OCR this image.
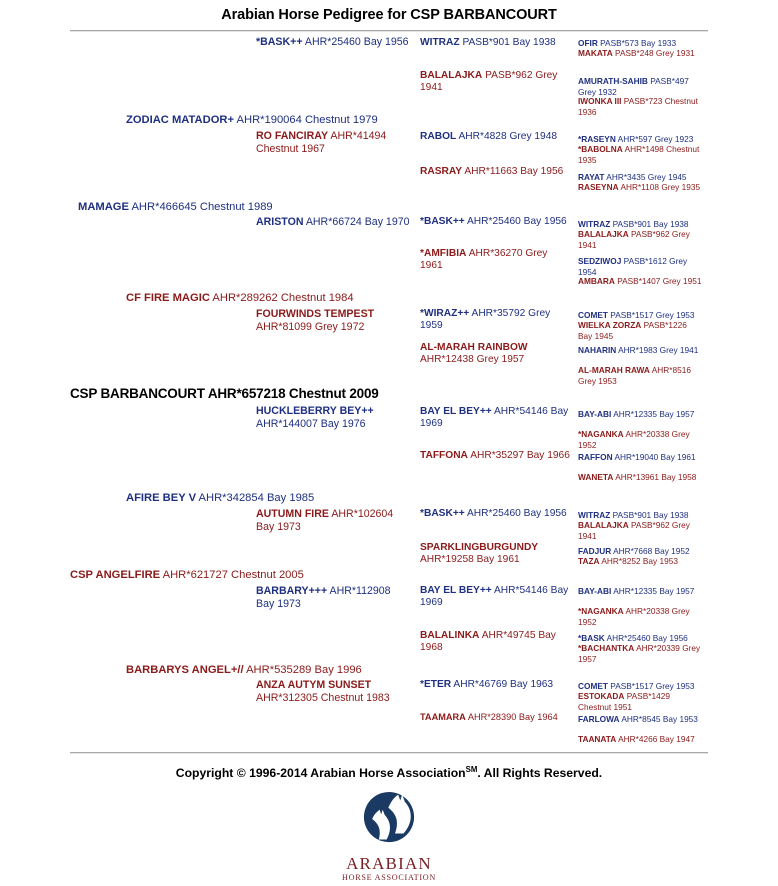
Arabian Horse Pedigree for CSP BARBANCOURT
OFIR PASB*573 Bay 1933
MAKATA PASB*248 Grey 1931
AMURATH-SAHIB PASB*497 Grey 1932
IWONKA III PASB*723 Chestnut 1936
*RASEYN AHR*597 Grey 1923
*BABOLNA AHR*1498 Chestnut 1935
RAYAT AHR*3435 Grey 1945
RASEYNA AHR*1108 Grey 1935
WITRAZ PASB*901 Bay 1938
BALALAJKA PASB*962 Grey 1941
SEDZIWOJ PASB*1612 Grey 1954
AMBARA PASB*1407 Grey 1951
COMET PASB*1517 Grey 1953
WIELKA ZORZA PASB*1226 Bay 1945
NAHARIN AHR*1983 Grey 1941
AL-MARAH RAWA AHR*8516 Grey 1953
BAY-ABI AHR*12335 Bay 1957
*NAGANKA AHR*20338 Grey 1952
RAFFON AHR*19040 Bay 1961
WANETA AHR*13961 Bay 1958
WITRAZ PASB*901 Bay 1938
BALALAJKA PASB*962 Grey 1941
FADJUR AHR*7668 Bay 1952
TAZA AHR*8252 Bay 1953
BAY-ABI AHR*12335 Bay 1957
*NAGANKA AHR*20338 Grey 1952
*BASK AHR*25460 Bay 1956
*BACHANTKA AHR*20339 Grey 1957
COMET PASB*1517 Grey 1953
ESTOKADA PASB*1429 Chestnut 1951
FARLOWA AHR*8545 Bay 1953
TAANATA AHR*4266 Bay 1947
WITRAZ PASB*901 Bay 1938
BALALAJKA PASB*962 Grey 1941
RABOL AHR*4828 Grey 1948
RASRAY AHR*11663 Bay 1956
*BASK++ AHR*25460 Bay 1956
*AMFIBIA AHR*36270 Grey 1961
*WIRAZ++ AHR*35792 Grey 1959
AL-MARAH RAINBOW AHR*12438 Grey 1957
BAY EL BEY++ AHR*54146 Bay 1969
TAFFONA AHR*35297 Bay 1966
*BASK++ AHR*25460 Bay 1956
SPARKLINGBURGUNDY AHR*19258 Bay 1961
BAY EL BEY++ AHR*54146 Bay 1969
BALALINKA AHR*49745 Bay 1968
*ETER AHR*46769 Bay 1963
TAAMARA AHR*28390 Bay 1964
*BASK++ AHR*25460 Bay 1956
RO FANCIRAY AHR*41494 Chestnut 1967
ARISTON AHR*66724 Bay 1970
FOURWINDS TEMPEST AHR*81099 Grey 1972
HUCKLEBERRY BEY++ AHR*144007 Bay 1976
AUTUMN FIRE AHR*102604 Bay 1973
BARBARY+++ AHR*112908 Bay 1973
ANZA AUTYM SUNSET AHR*312305 Chestnut 1983
ZODIAC MATADOR+ AHR*190064 Chestnut 1979
CF FIRE MAGIC AHR*289262 Chestnut 1984
AFIRE BEY V AHR*342854 Bay 1985
BARBARYS ANGEL+// AHR*535289 Bay 1996
MAMAGE AHR*466645 Chestnut 1989
CSP ANGELFIRE AHR*621727 Chestnut 2005
CSP BARBANCOURT AHR*657218 Chestnut 2009
Copyright © 1996-2014 Arabian Horse Association℠. All Rights Reserved.
ARABIAN
HORSE ASSOCIATION
